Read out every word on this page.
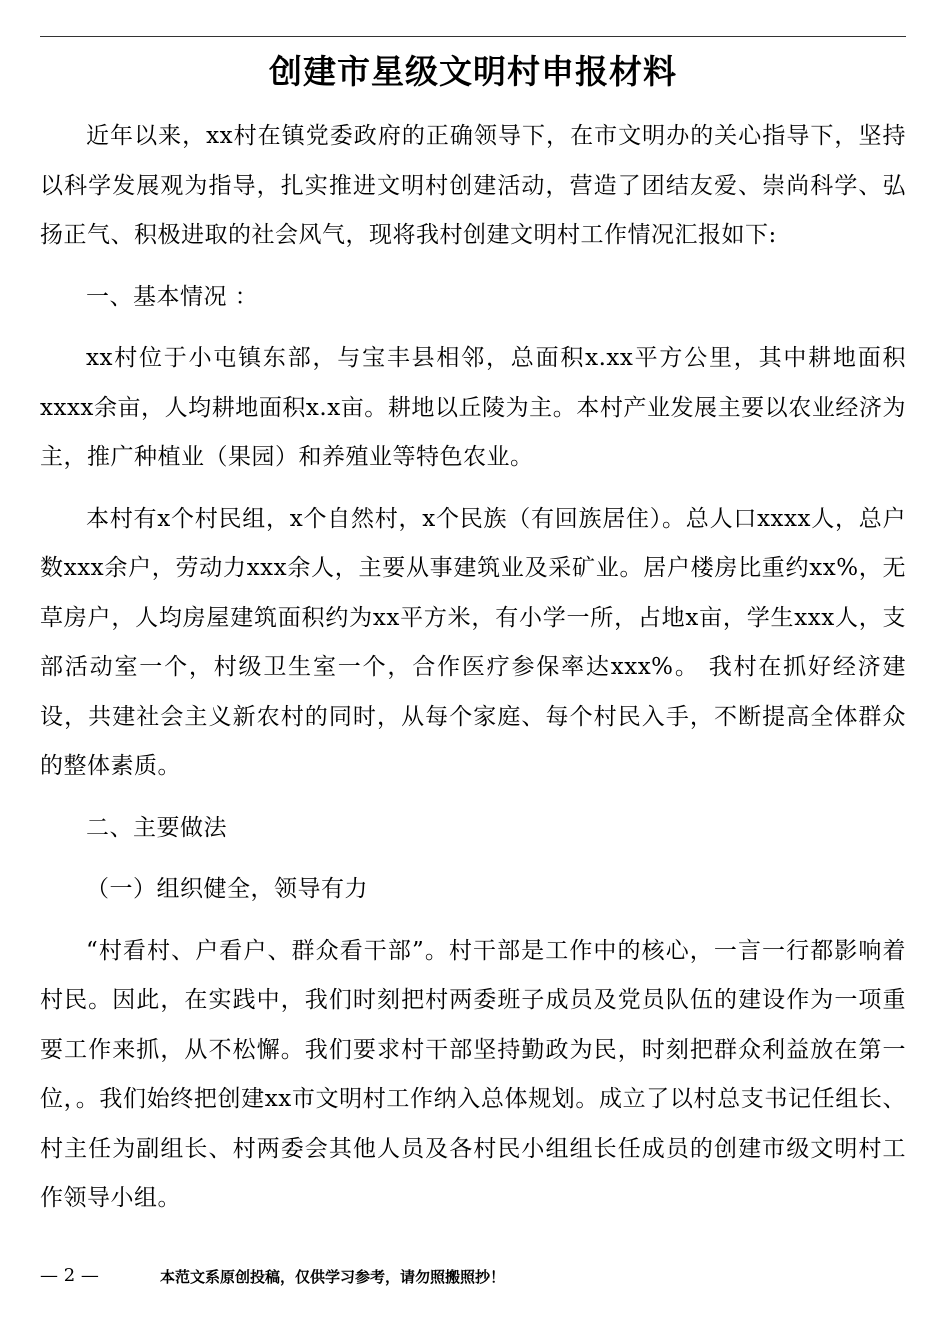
创建市星级文明村申报材料

近年以来，xx村在镇党委政府的正确领导下，在市文明办的关心指导下，坚持以科学发展观为指导，扎实推进文明村创建活动，营造了团结友爱、崇尚科学、弘扬正气、积极进取的社会风气，现将我村创建文明村工作情况汇报如下:

一、基本情况 ：

xx村位于小屯镇东部，与宝丰县相邻，总面积x.xx平方公里，其中耕地面积xxxx余亩，人均耕地面积x.x亩。耕地以丘陵为主。本村产业发展主要以农业经济为主，推广种植业（果园）和养殖业等特色农业。

本村有x个村民组，x个自然村，x个民族（有回族居住）。总人口xxxx人，总户数xxx余户，劳动力xxx余人，主要从事建筑业及采矿业。居户楼房比重约xx%，无草房户，人均房屋建筑面积约为xx平方米，有小学一所，占地x亩，学生xxx人，支部活动室一个，村级卫生室一个，合作医疗参保率达xxx%。 我村在抓好经济建设，共建社会主义新农村的同时，从每个家庭、每个村民入手，不断提高全体群众的整体素质。

二、主要做法

（一）组织健全，领导有力

“村看村、户看户、群众看干部”。村干部是工作中的核心，一言一行都影响着村民。因此，在实践中，我们时刻把村两委班子成员及党员队伍的建设作为一项重要工作来抓，从不松懈。我们要求村干部坚持勤政为民，时刻把群众利益放在第一位，。我们始终把创建xx市文明村工作纳入总体规划。成立了以村总支书记任组长、村主任为副组长、村两委会其他人员及各村民小组组长任成员的创建市级文明村工作领导小组。

— 2 —	本范文系原创投稿，仅供学习参考，请勿照搬照抄！
